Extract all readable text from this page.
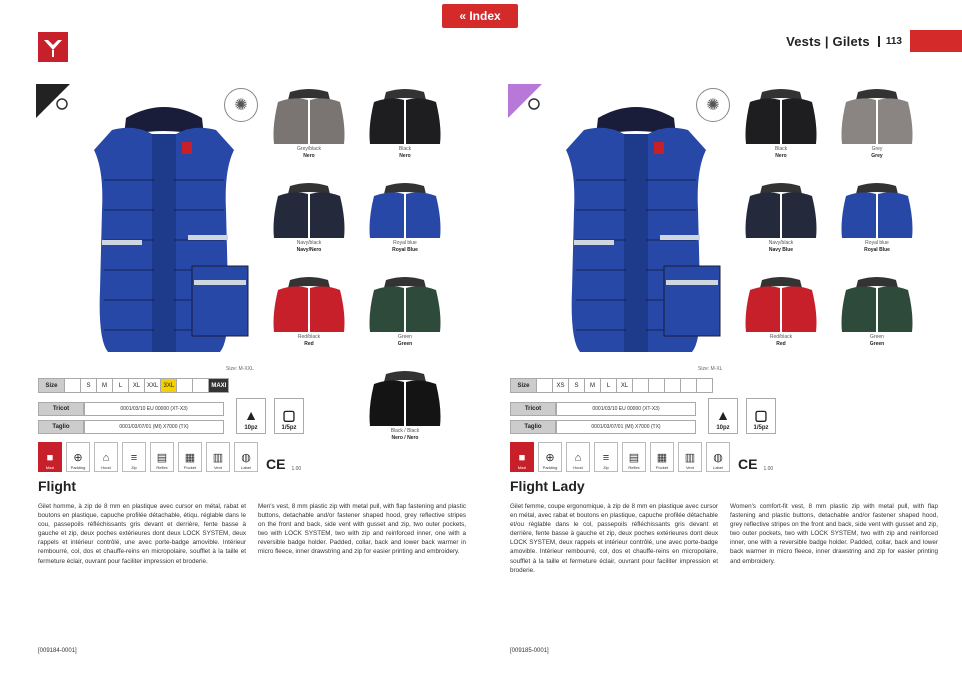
« Index
Vests | Gilets	113
✺
Grey/black
Nero
Black
Nero
Navy/black
Navy/Nero
Royal blue
Royal Blue
Red/black
Red
Green
Green
Black / Black
Nero / Nero
Size: M-XXL
Size		S	M	L	XL	XXL	3XL			MAXI
Tricot	0001/03/10 EU 00000 (XT-X3)
Taglio	0001/03/07/01 (MI) X7000 (TX)
▲
10pz
▢
1/5pz
■
Maxi
⊕
Padding
⌂
Hood
≡
Zip
▤
Reflex
▦
Pocket
▥
Vent
◍
Label CE 1.00
Flight
Gilet homme, à zip de 8 mm en plastique avec cursor en métal, rabat et boutons en plastique, capuche profilée détachable, étiqu. réglable dans le cou, passepoils réfléchissants gris devant et derrière, fente basse à gauche et zip, deux poches extérieures dont deux LOCK SYSTEM, deux rappels et intérieur contrôlé, une avec porte-badge amovible. Intérieur rembourré, col, dos et chauffe-reins en micropolaire, soufflet à la taille et fermeture éclair, ouvrant pour faciliter impression et broderie.
Men's vest, 8 mm plastic zip with metal pull, with flap fastening and plastic buttons, detachable and/or fastener shaped hood, grey reflective stripes on the front and back, side vent with gusset and zip, two outer pockets, two with LOCK SYSTEM, two with zip and reinforced inner, one with a reversible badge holder. Padded, collar, back and lower back warmer in micro fleece, inner drawstring and zip for easier printing and embroidery.
[009184-0001]
✺
Black
Nero
Grey
Grey
Navy/black
Navy Blue
Royal blue
Royal Blue
Red/black
Red
Green
Green
Size: M-XL
Size		XS	S	M	L	XL					
Tricot	0001/03/10 EU 00000 (XT-X3)
Taglio	0001/03/07/01 (MI) X7000 (TX)
▲
10pz
▢
1/5pz
■
Maxi
⊕
Padding
⌂
Hood
≡
Zip
▤
Reflex
▦
Pocket
▥
Vent
◍
Label CE 1.00
Flight Lady
Gilet femme, coupe ergonomique, à zip de 8 mm en plastique avec cursor en métal, avec rabat et boutons en plastique, capuche profilée détachable et/ou réglable dans le col, passepoils réfléchissants gris devant et derrière, fente basse à gauche et zip, deux poches extérieures dont deux LOCK SYSTEM, deux rappels et intérieur contrôlé, une avec porte-badge amovible. Intérieur rembourré, col, dos et chauffe-reins en micropolaire, soufflet à la taille et fermeture éclair, ouvrant pour faciliter impression et broderie.
Women's comfort-fit vest, 8 mm plastic zip with metal pull, with flap fastening and plastic buttons, detachable and/or fastener shaped hood, grey reflective stripes on the front and back, side vent with gusset and zip, two outer pockets, two with LOCK SYSTEM, two with zip and reinforced inner, one with a reversible badge holder. Padded, collar, back and lower back warmer in micro fleece, inner drawstring and zip for easier printing and embroidery.
[009185-0001]
